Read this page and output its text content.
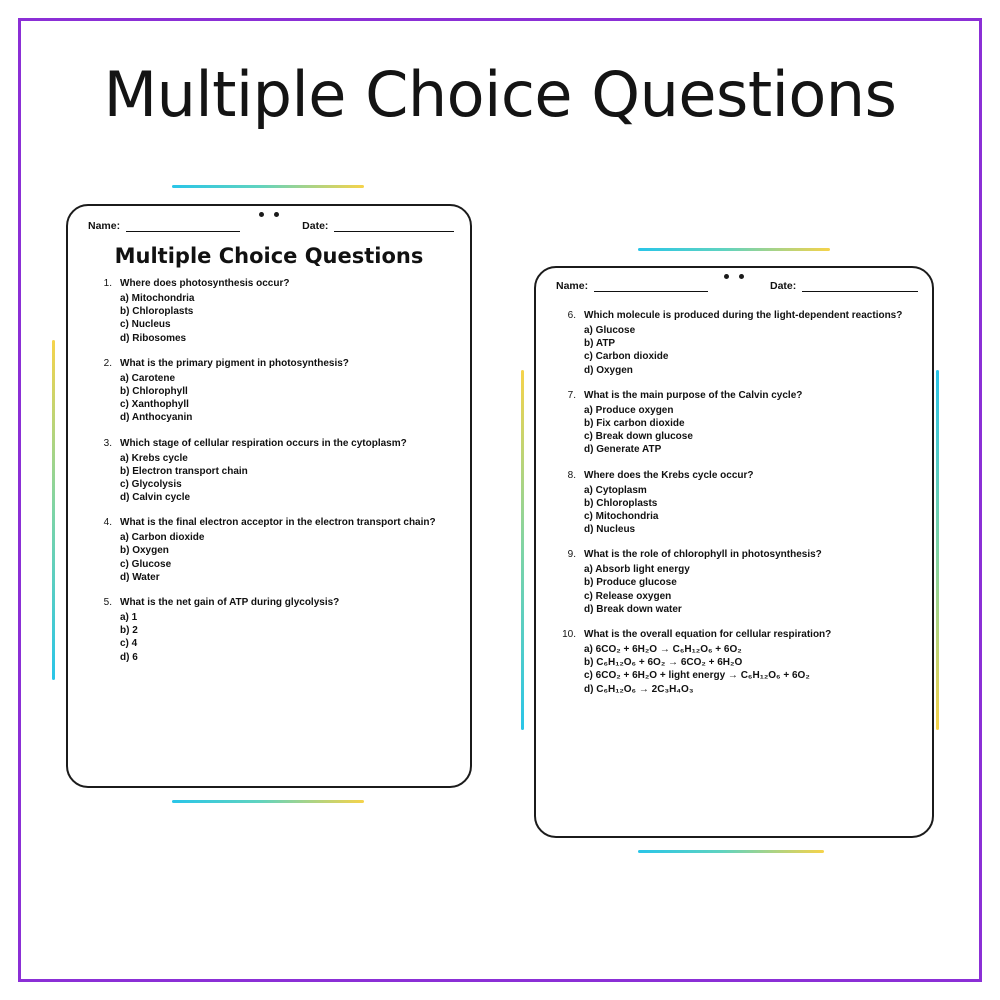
Multiple Choice Questions
Name:	Date:
Multiple Choice Questions
1. Where does photosynthesis occur?
a) Mitochondria
b) Chloroplasts
c) Nucleus
d) Ribosomes
2. What is the primary pigment in photosynthesis?
a) Carotene
b) Chlorophyll
c) Xanthophyll
d) Anthocyanin
3. Which stage of cellular respiration occurs in the cytoplasm?
a) Krebs cycle
b) Electron transport chain
c) Glycolysis
d) Calvin cycle
4. What is the final electron acceptor in the electron transport chain?
a) Carbon dioxide
b) Oxygen
c) Glucose
d) Water
5. What is the net gain of ATP during glycolysis?
a) 1
b) 2
c) 4
d) 6
Name:	Date:
6. Which molecule is produced during the light-dependent reactions?
a) Glucose
b) ATP
c) Carbon dioxide
d) Oxygen
7. What is the main purpose of the Calvin cycle?
a) Produce oxygen
b) Fix carbon dioxide
c) Break down glucose
d) Generate ATP
8. Where does the Krebs cycle occur?
a) Cytoplasm
b) Chloroplasts
c) Mitochondria
d) Nucleus
9. What is the role of chlorophyll in photosynthesis?
a) Absorb light energy
b) Produce glucose
c) Release oxygen
d) Break down water
10. What is the overall equation for cellular respiration?
a) 6CO₂ + 6H₂O → C₆H₁₂O₆ + 6O₂
b) C₆H₁₂O₆ + 6O₂ → 6CO₂ + 6H₂O
c) 6CO₂ + 6H₂O + light energy → C₆H₁₂O₆ + 6O₂
d) C₆H₁₂O₆ → 2C₃H₄O₃
